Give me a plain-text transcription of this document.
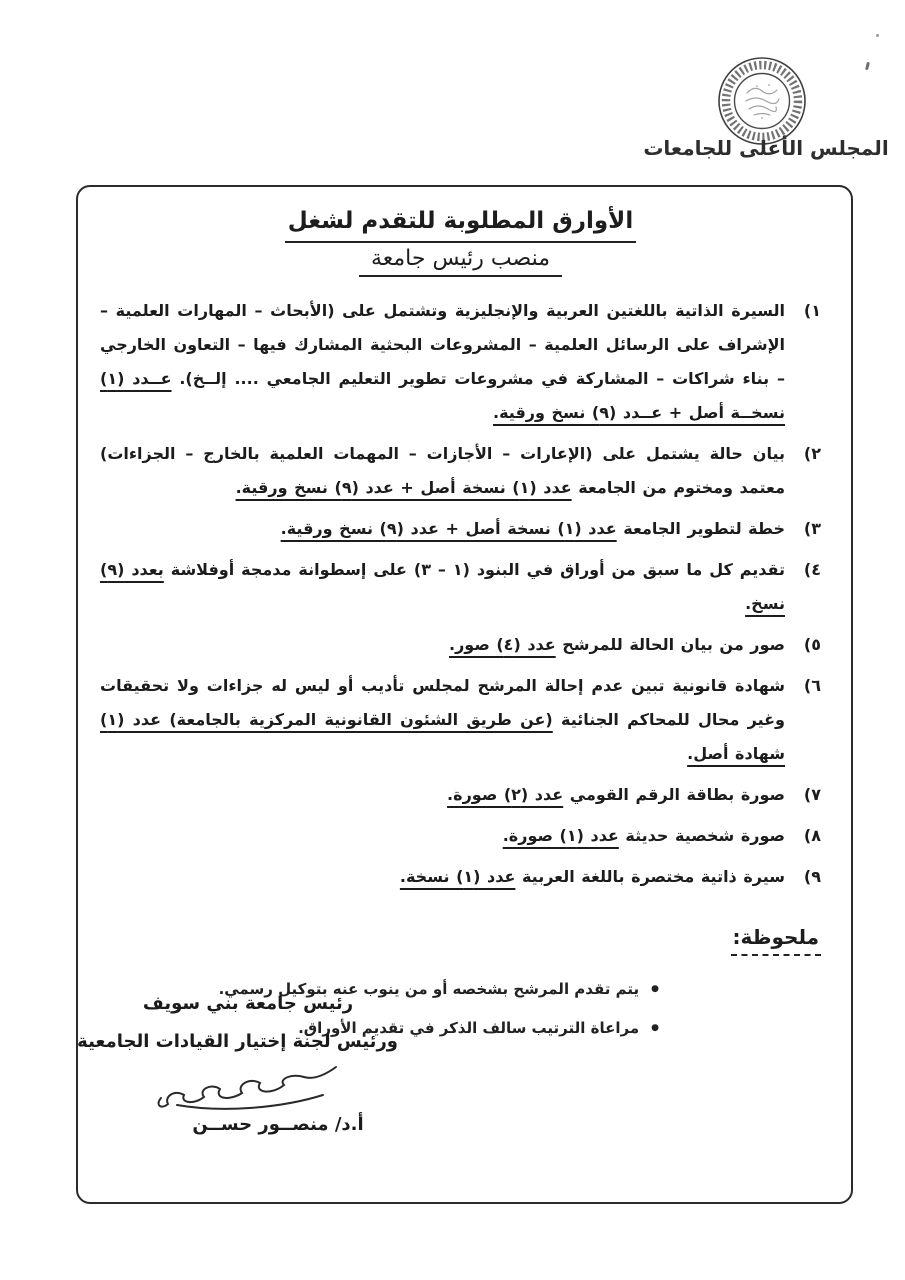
المجلس الأعلى للجامعات
الأوارق المطلوبة للتقدم لشغل
منصب رئيس جامعة
١)
السيرة الذاتية باللغتين العربية والإنجليزية وتشتمل على (الأبحاث – المهارات العلمية – الإشراف على الرسائل العلمية – المشروعات البحثية المشارك فيها – التعاون الخارجي – بناء شراكات – المشاركة في مشروعات تطوير التعليم الجامعي .... إلــخ). عــدد (١) نسخــة أصل + عــدد (٩) نسخ ورقية.
٢)
بيان حالة يشتمل على (الإعارات – الأجازات – المهمات العلمية بالخارج – الجزاءات) معتمد ومختوم من الجامعة عدد (١) نسخة أصل + عدد (٩) نسخ ورقية.
٣)
خطة لتطوير الجامعة عدد (١) نسخة أصل + عدد (٩) نسخ ورقية.
٤)
تقديم كل ما سبق من أوراق في البنود (١ – ٣) على إسطوانة مدمجة أوفلاشة بعدد (٩) نسخ.
٥)
صور من بيان الحالة للمرشح عدد (٤) صور.
٦)
شهادة قانونية تبين عدم إحالة المرشح لمجلس تأديب أو ليس له جزاءات ولا تحقيقات وغير محال للمحاكم الجنائية (عن طريق الشئون القانونية المركزية بالجامعة) عدد (١) شهادة أصل.
٧)
صورة بطاقة الرقم القومي عدد (٢) صورة.
٨)
صورة شخصية حديثة عدد (١) صورة.
٩)
سيرة ذاتية مختصرة باللغة العربية عدد (١) نسخة.
ملحوظة:
●
يتم تقدم المرشح بشخصه أو من ينوب عنه بتوكيل رسمي.
●
مراعاة الترتيب سالف الذكر في تقديم الأوراق.
رئيس جامعة بني سويف
ورئيس لجنة إختيار القيادات الجامعية
أ.د/ منصــور حســن
